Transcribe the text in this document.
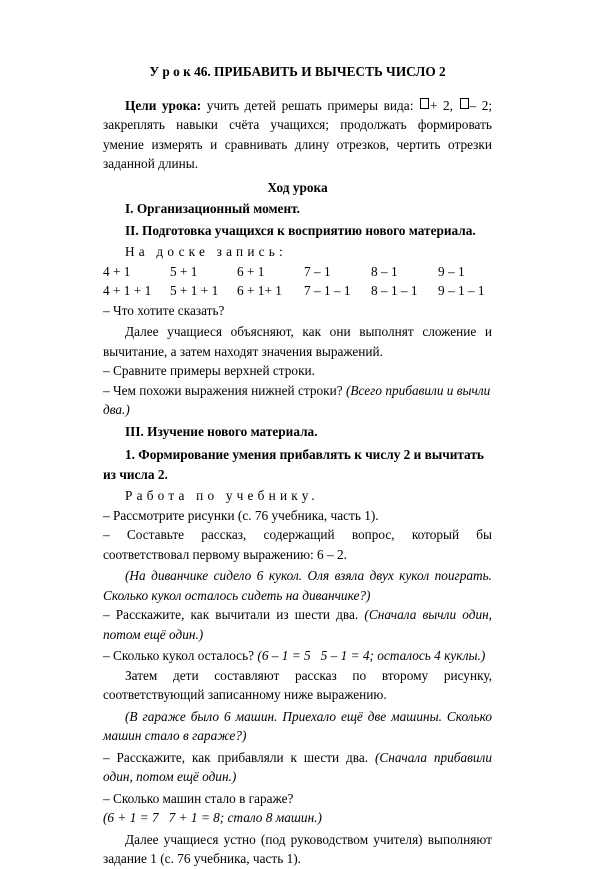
У р о к 46. ПРИБАВИТЬ И ВЫЧЕСТЬ ЧИСЛО 2

Цели урока: учить детей решать примеры вида: + 2, – 2; закреплять навыки счёта учащихся; продолжать формировать умение измерять и сравнивать длину отрезков, чертить отрезки заданной длины.

Ход урока

I. Организационный момент.

II. Подготовка учащихся к восприятию нового материала.

На доске запись:

4 + 1	5 + 1	6 + 1	7 – 1	8 – 1	9 – 1
4 + 1 + 1	5 + 1 + 1	6 + 1+ 1	7 – 1 – 1	8 – 1 – 1	9 – 1 – 1

– Что хотите сказать?

Далее учащиеся объясняют, как они выполнят сложение и вычитание, а затем находят значения выражений.

– Сравните примеры верхней строки.

– Чем похожи выражения нижней строки? (Всего прибавили и вычли два.)

III. Изучение нового материала.

1. Формирование умения прибавлять к числу 2 и вычитать из числа 2.

Работа по учебнику.

– Рассмотрите рисунки (с. 76 учебника, часть 1).

– Составьте рассказ, содержащий вопрос, который бы соответствовал первому выражению: 6 – 2.

(На диванчике сидело 6 кукол. Оля взяла двух кукол поиграть. Сколько кукол осталось сидеть на диванчике?)

– Расскажите, как вычитали из шести два. (Сначала вычли один, потом ещё один.)

– Сколько кукол осталось? (6 – 1 = 5   5 – 1 = 4; осталось 4 куклы.)

Затем дети составляют рассказ по второму рисунку, соответствующий записанному ниже выражению.

(В гараже было 6 машин. Приехало ещё две машины. Сколько машин стало в гараже?)

– Расскажите, как прибавляли к шести два. (Сначала прибавили один, потом ещё один.)

– Сколько машин стало в гараже? (6 + 1 = 7   7 + 1 = 8; стало 8 машин.)

Далее учащиеся устно (под руководством учителя) выполняют задание 1 (с. 76 учебника, часть 1).
